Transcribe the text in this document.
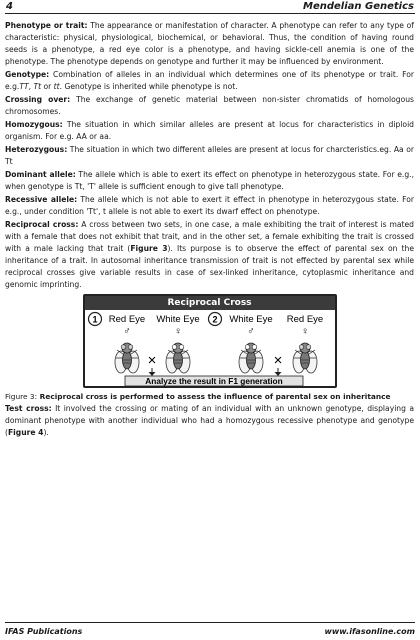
4	Mendelian Genetics

Phenotype or trait: The appearance or manifestation of character. A phenotype can refer to any type of characteristic: physical, physiological, biochemical, or behavioral. Thus, the condition of having round seeds is a phenotype, a red eye color is a phenotype, and having sickle-cell anemia is one of the phenotype. The phenotype depends on genotype and further it may be influenced by environment.

Genotype: Combination of alleles in an individual which determines one of its phenotype or trait. For e.g.TT, Tt or tt. Genotype is inherited while phenotype is not.

Crossing over: The exchange of genetic material between non-sister chromatids of homologous chromosomes.

Homozygous: The situation in which similar alleles are present at locus for characteristics in diploid organism. For e.g. AA or aa.

Heterozygous: The situation in which two different alleles are present at locus for charcteristics.eg. Aa or Tt

Dominant allele: The allele which is able to exert its effect on phenotype in heterozygous state. For e.g., when genotype is Tt, 'T' allele is sufficient enough to give tall phenotype.

Recessive allele: The allele which is not able to exert it effect in phenotype in heterozygous state. For e.g., under condition 'Tt', t allele is not able to exert its dwarf effect on phenotype.

Reciprocal cross: A cross between two sets, in one case, a male exhibiting the trait of interest is mated with a female that does not exhibit that trait, and in the other set, a female exhibiting the trait is crossed with a male lacking that trait (Figure 3). Its purpose is to observe the effect of parental sex on the inheritance of a trait. In autosomal inheritance transmission of trait is not effected by parental sex while reciprocal crosses give variable results in case of sex-linked inheritance, cytoplasmic inheritance and genomic imprinting.

Reciprocal Cross
1 Red Eye White Eye
♂	♀
×
2 White Eye Red Eye
♂	♀
×
Analyze the result in F1 generation

Figure 3: Reciprocal cross is performed to assess the influence of parental sex on inheritance

Test cross: It involved the crossing or mating of an individual with an unknown genotype, displaying a dominant phenotype with another individual who had a homozygous recessive phenotype and genotype (Figure 4).

IFAS Publications	www.ifasonline.com
